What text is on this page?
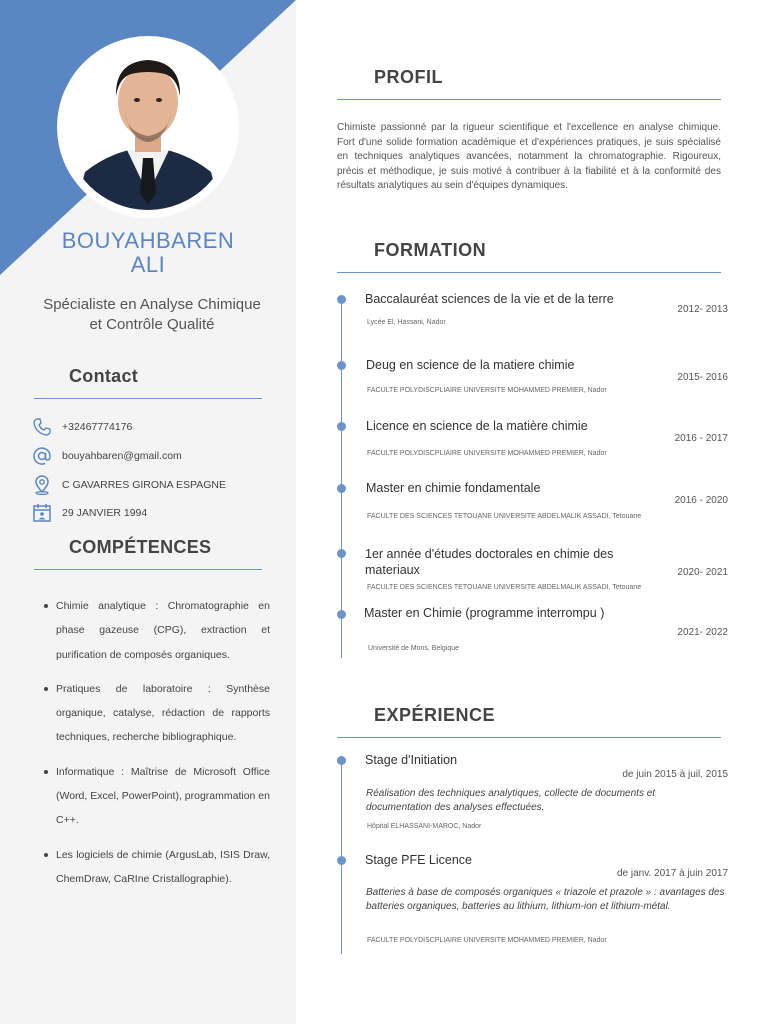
BOUYAHBAREN
ALI
Spécialiste en Analyse Chimique
et Contrôle Qualité
Contact
+32467774176
bouyahbaren@gmail.com
C GAVARRES GIRONA ESPAGNE
29 JANVIER 1994
COMPÉTENCES
Chimie analytique : Chromatographie en phase gazeuse (CPG), extraction et purification de composés organiques.
Pratiques de laboratoire : Synthèse organique, catalyse, rédaction de rapports techniques, recherche bibliographique.
Informatique : Maîtrise de Microsoft Office (Word, Excel, PowerPoint), programmation en C++.
Les logiciels de chimie (ArgusLab, ISIS Draw, ChemDraw, CaRIne Cristallographie).
PROFIL
Chimiste passionné par la rigueur scientifique et l'excellence en analyse chimique. Fort d'une solide formation académique et d'expériences pratiques, je suis spécialisé en techniques analytiques avancées, notamment la chromatographie. Rigoureux, précis et méthodique, je suis motivé à contribuer à la fiabilité et à la conformité des résultats analytiques au sein d'équipes dynamiques.
FORMATION
Baccalauréat sciences de la vie et de la terre
2012- 2013
Lycée El, Hassani, Nador
Deug en science de la matiere chimie
2015- 2016
FACULTE POLYDISCPLIAIRE UNIVERSITE MOHAMMED PREMIER, Nador
Licence en science de la matière chimie
2016 - 2017
FACULTE POLYDISCPLIAIRE UNIVERSITE MOHAMMED PREMIER, Nador
Master en chimie fondamentale
2016 - 2020
FACULTE DES SCIENCES TETOUANE UNIVERSITE ABDELMALIK ASSADI, Tetouane
1er année d'études doctorales en chimie des materiaux	2020- 2021
FACULTE DES SCIENCES TETOUANE UNIVERSITE ABDELMALIK ASSADI, Tetouane
Master en Chimie (programme interrompu )
2021- 2022
Université de Mons, Belgique
EXPÉRIENCE
Stage d'Initiation
de juin 2015 à juil. 2015
Réalisation des techniques analytiques, collecte de documents et documentation des analyses effectuées.
Hôpital ELHASSANI-MAROC, Nador
Stage PFE Licence
de janv. 2017 à juin 2017
Batteries à base de composés organiques « triazole et prazole » : avantages des batteries organiques, batteries au lithium, lithium-ion et lithium-métal.
FACULTE POLYDISCPLIAIRE UNIVERSITE MOHAMMED PREMIER, Nador
